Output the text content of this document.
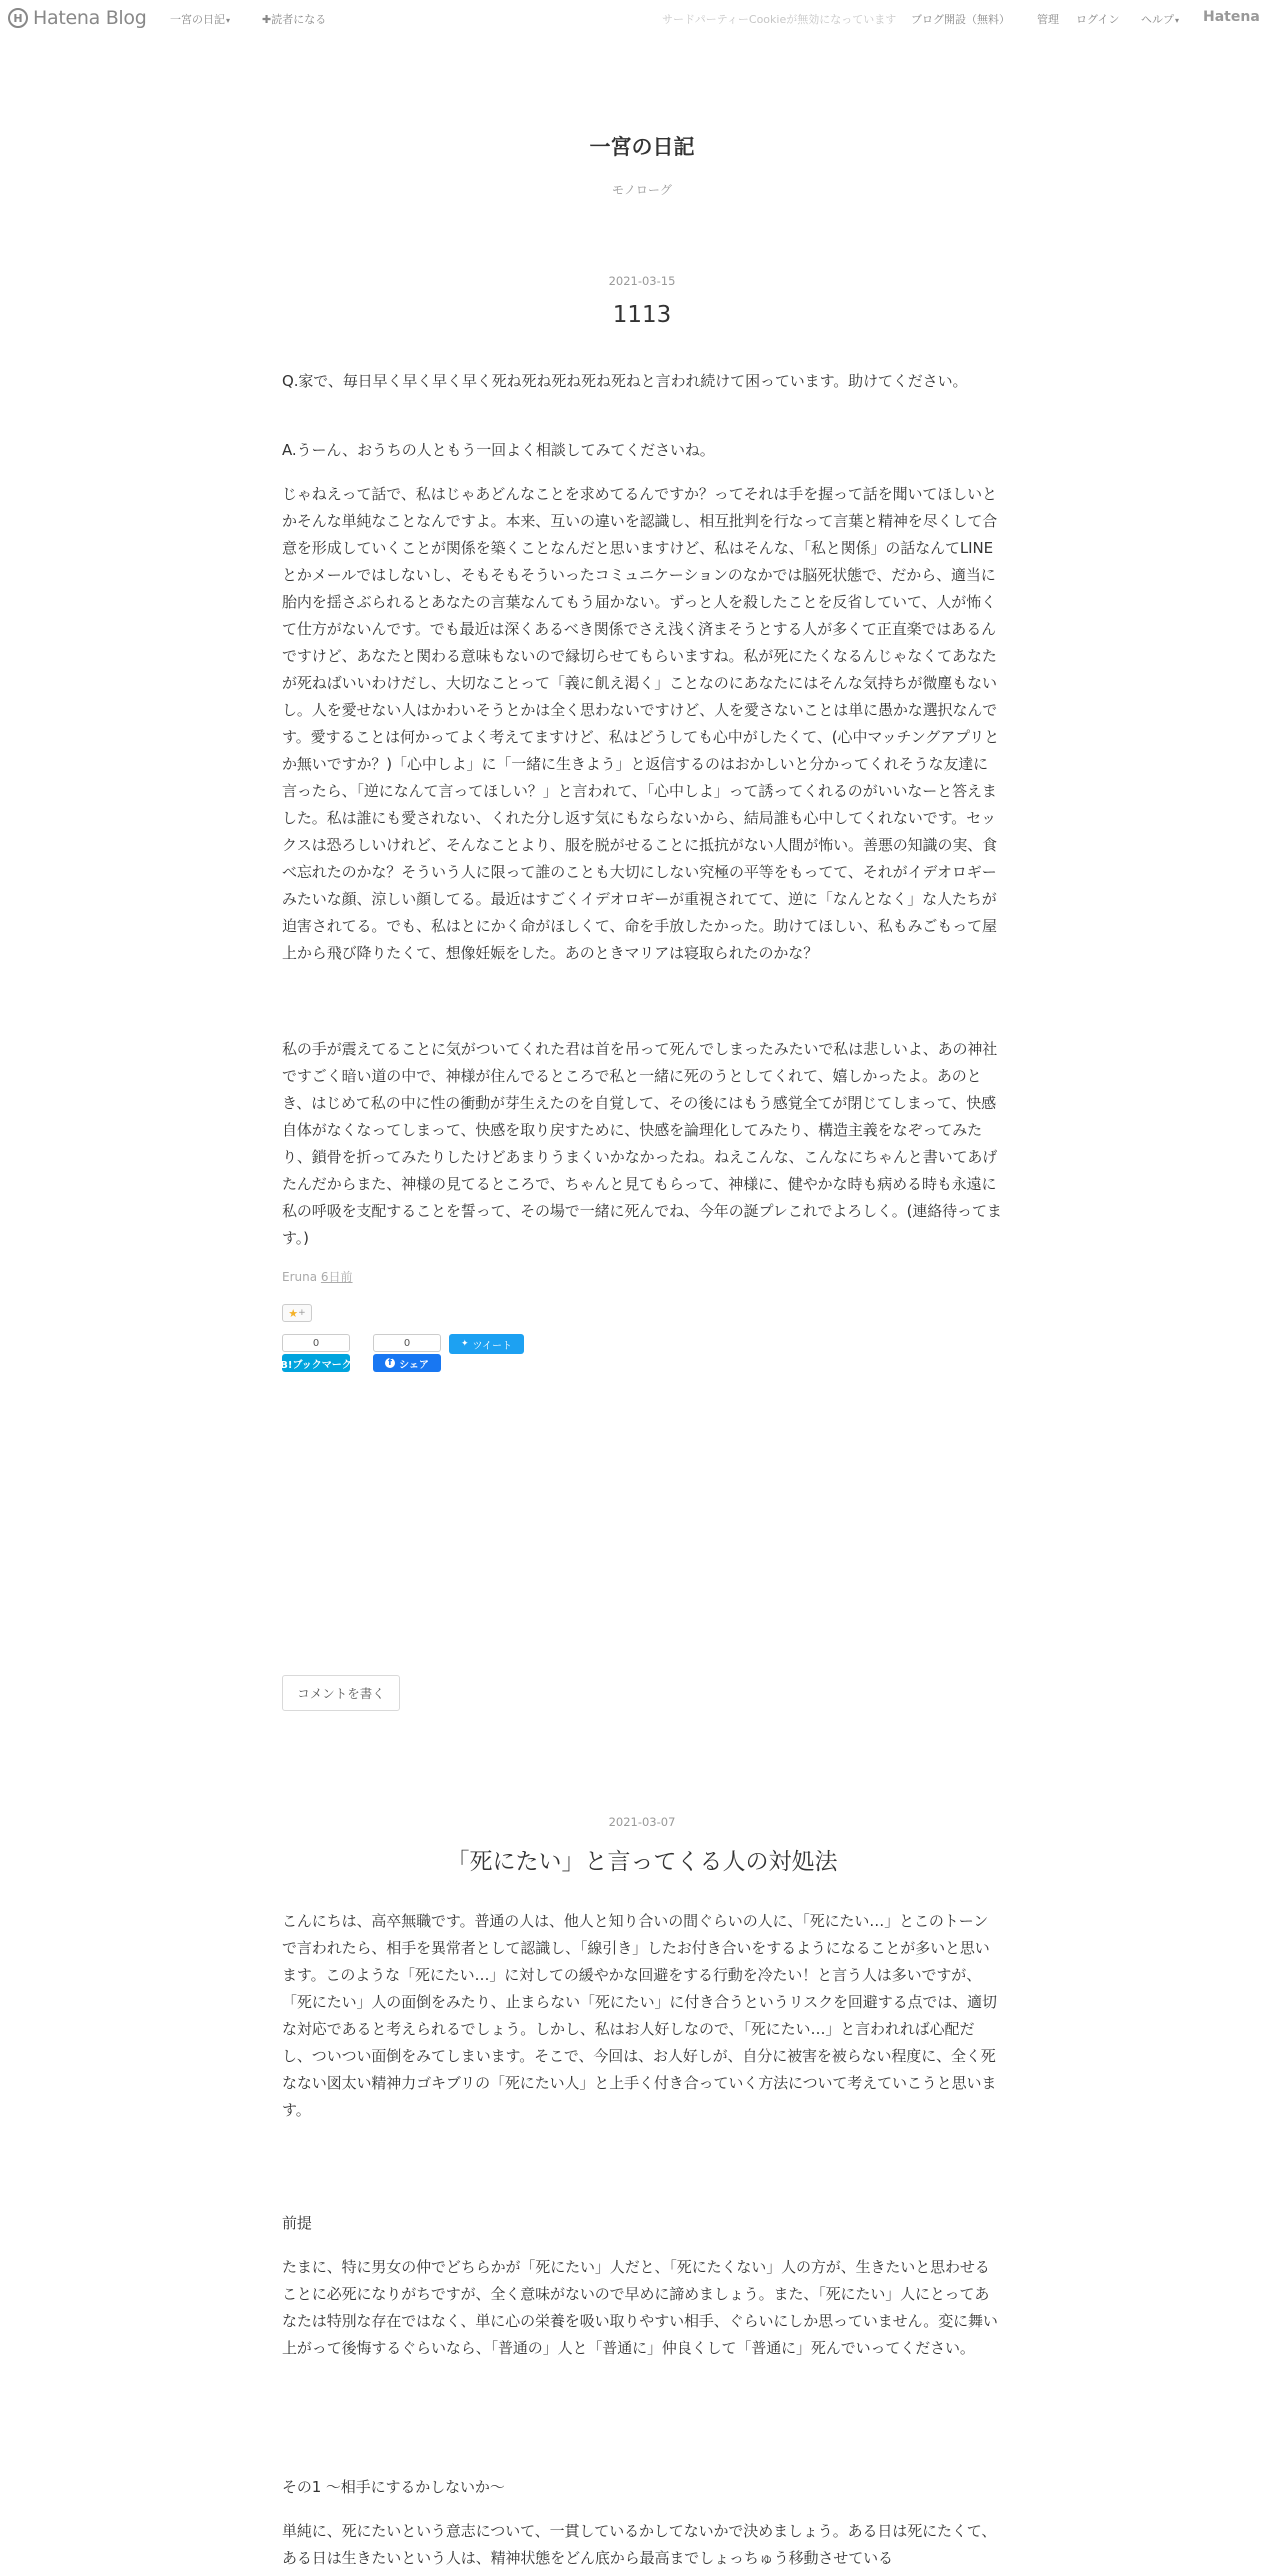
H Hatena Blog 一宮の日記▾	✚読者になる	サードパーティーCookieが無効になっています ブログ開設（無料） 管理 ログイン ヘルプ▾ Hatena
一宮の日記
モノローグ
2021-03-15
1113

Q.家で、毎日早く早く早く早く死ね死ね死ね死ね死ねと言われ続けて困っています。助けてください。

A.うーん、おうちの人ともう一回よく相談してみてくださいね。

じゃねえって話で、私はじゃあどんなことを求めてるんですか？ってそれは手を握って話を聞いてほしいとかそんな単純なことなんですよ。本来、互いの違いを認識し、相互批判を行なって言葉と精神を尽くして合意を形成していくことが関係を築くことなんだと思いますけど、私はそんな、「私と関係」の話なんてLINEとかメールではしないし、そもそもそういったコミュニケーションのなかでは脳死状態で、だから、適当に胎内を揺さぶられるとあなたの言葉なんてもう届かない。ずっと人を殺したことを反省していて、人が怖くて仕方がないんです。でも最近は深くあるべき関係でさえ浅く済まそうとする人が多くて正直楽ではあるんですけど、あなたと関わる意味もないので縁切らせてもらいますね。私が死にたくなるんじゃなくてあなたが死ねばいいわけだし、大切なことって「義に飢え渇く」ことなのにあなたにはそんな気持ちが微塵もないし。人を愛せない人はかわいそうとかは全く思わないですけど、人を愛さないことは単に愚かな選択なんです。愛することは何かってよく考えてますけど、私はどうしても心中がしたくて、(心中マッチングアプリとか無いですか？)「心中しよ」に「一緒に生きよう」と返信するのはおかしいと分かってくれそうな友達に言ったら、「逆になんて言ってほしい？」と言われて、「心中しよ」って誘ってくれるのがいいなーと答えました。私は誰にも愛されない、くれた分し返す気にもならないから、結局誰も心中してくれないです。セックスは恐ろしいけれど、そんなことより、服を脱がせることに抵抗がない人間が怖い。善悪の知識の実、食べ忘れたのかな？そういう人に限って誰のことも大切にしない究極の平等をもってて、それがイデオロギーみたいな顔、涼しい顔してる。最近はすごくイデオロギーが重視されてて、逆に「なんとなく」な人たちが迫害されてる。でも、私はとにかく命がほしくて、命を手放したかった。助けてほしい、私もみごもって屋上から飛び降りたくて、想像妊娠をした。あのときマリアは寝取られたのかな？

私の手が震えてることに気がついてくれた君は首を吊って死んでしまったみたいで私は悲しいよ、あの神社ですごく暗い道の中で、神様が住んでるところで私と一緒に死のうとしてくれて、嬉しかったよ。あのとき、はじめて私の中に性の衝動が芽生えたのを自覚して、その後にはもう感覚全てが閉じてしまって、快感自体がなくなってしまって、快感を取り戻すために、快感を論理化してみたり、構造主義をなぞってみたり、鎖骨を折ってみたりしたけどあまりうまくいかなかったね。ねえこんな、こんなにちゃんと書いてあげたんだからまた、神様の見てるところで、ちゃんと見てもらって、神様に、健やかな時も病める時も永遠に私の呼吸を支配することを誓って、その場で一緒に死んでね、今年の誕プレこれでよろしく。(連絡待ってます。)

Eruna 6日前
★ +
0
B!ブックマーク
0
f シェア
✦ ツイート
コメントを書く
2021-03-07
「死にたい」と言ってくる人の対処法

こんにちは、高卒無職です。普通の人は、他人と知り合いの間ぐらいの人に、「死にたい…」とこのトーンで言われたら、相手を異常者として認識し、「線引き」したお付き合いをするようになることが多いと思います。このような「死にたい…」に対しての緩やかな回避をする行動を冷たい！と言う人は多いですが、「死にたい」人の面倒をみたり、止まらない「死にたい」に付き合うというリスクを回避する点では、適切な対応であると考えられるでしょう。しかし、私はお人好しなので、「死にたい…」と言われれば心配だし、ついつい面倒をみてしまいます。そこで、今回は、お人好しが、自分に被害を被らない程度に、全く死なない図太い精神力ゴキブリの「死にたい人」と上手く付き合っていく方法について考えていこうと思います。

前提

たまに、特に男女の仲でどちらかが「死にたい」人だと、「死にたくない」人の方が、生きたいと思わせることに必死になりがちですが、全く意味がないので早めに諦めましょう。また、「死にたい」人にとってあなたは特別な存在ではなく、単に心の栄養を吸い取りやすい相手、ぐらいにしか思っていません。変に舞い上がって後悔するぐらいなら、「普通の」人と「普通に」仲良くして「普通に」死んでいってください。

その1 〜相手にするかしないか〜

単純に、死にたいという意志について、一貫しているかしてないかで決めましょう。ある日は死にたくて、ある日は生きたいという人は、精神状態をどん底から最高までしょっちゅう移動させている
